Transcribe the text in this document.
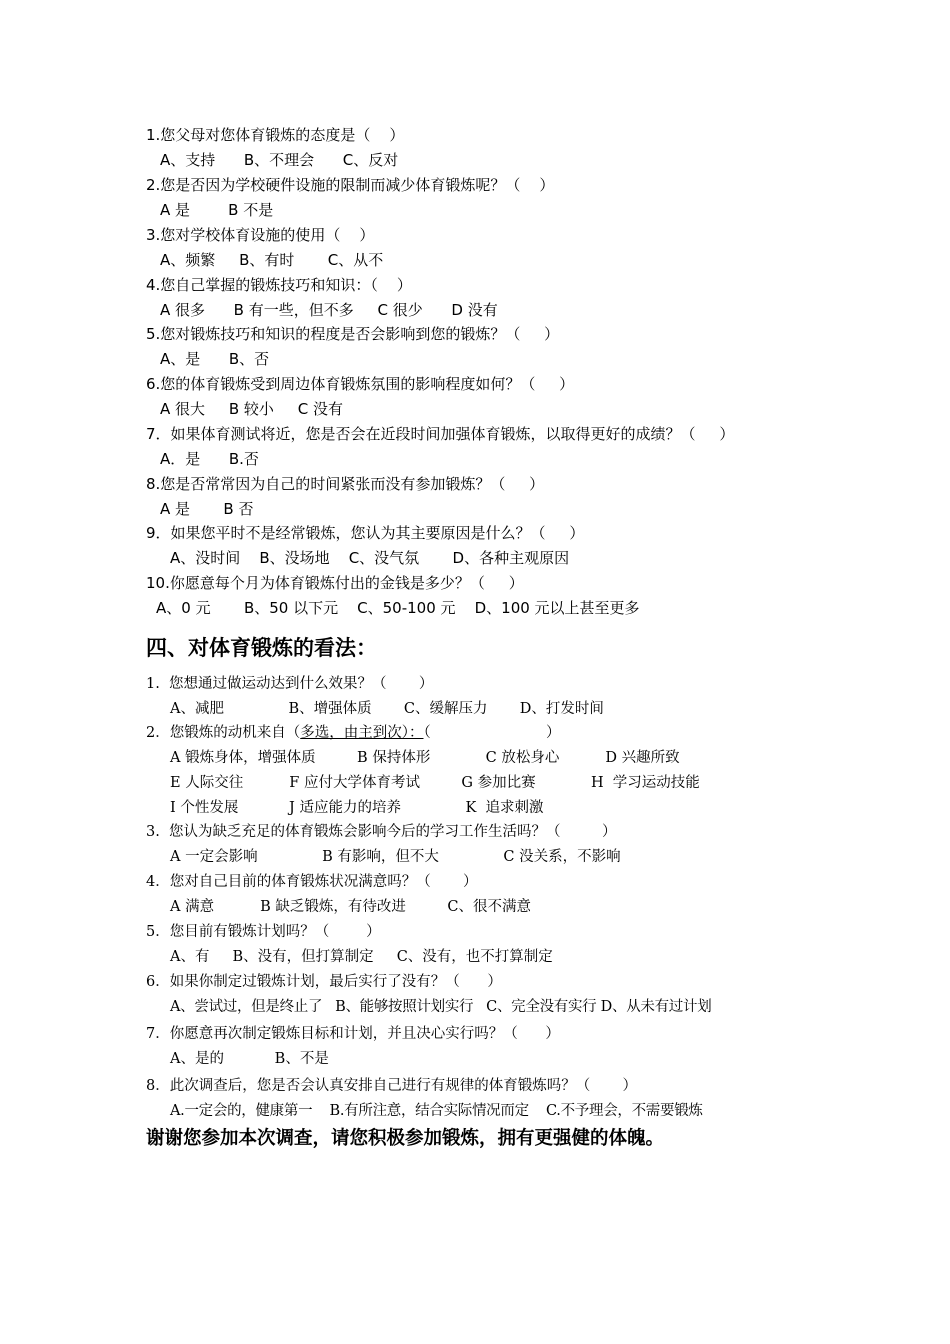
1.您父母对您体育锻炼的态度是（    ）
A、支持      B、不理会      C、反对
2.您是否因为学校硬件设施的限制而减少体育锻炼呢？（    ）
A 是        B 不是
3.您对学校体育设施的使用（    ）
A、频繁     B、有时       C、从不
4.您自己掌握的锻炼技巧和知识：（    ）
A 很多      B 有一些，但不多     C 很少      D 没有
5.您对锻炼技巧和知识的程度是否会影响到您的锻炼？（     ）
A、是      B、否
6.您的体育锻炼受到周边体育锻炼氛围的影响程度如何？（     ）
A 很大     B 较小     C 没有
7．如果体育测试将近，您是否会在近段时间加强体育锻炼，以取得更好的成绩？（     ）
A．是      B.否
8.您是否常常因为自己的时间紧张而没有参加锻炼？（     ）
A 是       B 否
9．如果您平时不是经常锻炼，您认为其主要原因是什么？（     ）
A、没时间    B、没场地    C、没气氛       D、各种主观原因
10.你愿意每个月为体育锻炼付出的金钱是多少？（     ）
A、0 元       B、50 以下元    C、50-100 元    D、100 元以上甚至更多
四、对体育锻炼的看法：
1.  您想通过做运动达到什么效果？（       ）
A、减肥              B、增强体质       C、缓解压力       D、打发时间
2．您锻炼的动机来自（多选，由主到次）：（                         ）
A 锻炼身体，增强体质         B 保持体形            C 放松身心          D 兴趣所致
E 人际交往          F 应付大学体育考试         G 参加比赛            H  学习运动技能
I 个性发展           J 适应能力的培养              K  追求刺激
3.  您认为缺乏充足的体育锻炼会影响今后的学习工作生活吗？（         ）
A 一定会影响              B 有影响，但不大              C 没关系，不影响
4．您对自己目前的体育锻炼状况满意吗？（       ）
A 满意          B 缺乏锻炼，有待改进         C、很不满意
5．您目前有锻炼计划吗？（        ）
A、有     B、没有，但打算制定     C、没有，也不打算制定
6．如果你制定过锻炼计划，最后实行了没有？（      ）
A、尝试过，但是终止了   B、能够按照计划实行   C、完全没有实行 D、从未有过计划
7．你愿意再次制定锻炼目标和计划，并且决心实行吗？（      ）
A、是的           B、不是
8．此次调查后，您是否会认真安排自己进行有规律的体育锻炼吗？（       ）
A.一定会的，健康第一    B.有所注意，结合实际情况而定    C.不予理会，不需要锻炼
谢谢您参加本次调查，请您积极参加锻炼，拥有更强健的体魄。
